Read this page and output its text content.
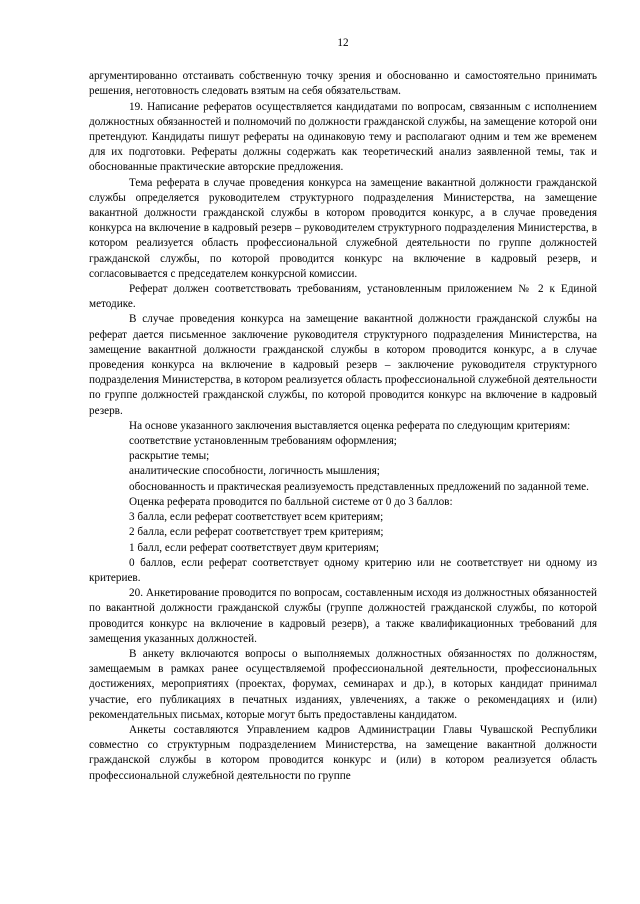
12

аргументированно отстаивать собственную точку зрения и обоснованно и самостоятельно принимать решения, неготовность следовать взятым на себя обязательствам.

19. Написание рефератов осуществляется кандидатами по вопросам, связанным с исполнением должностных обязанностей и полномочий по должности гражданской службы, на замещение которой они претендуют. Кандидаты пишут рефераты на одинаковую тему и располагают одним и тем же временем для их подготовки. Рефераты должны содержать как теоретический анализ заявленной темы, так и обоснованные практические авторские предложения.

Тема реферата в случае проведения конкурса на замещение вакантной должности гражданской службы определяется руководителем структурного подразделения Министерства, на замещение вакантной должности гражданской службы в котором проводится конкурс, а в случае проведения конкурса на включение в кадровый резерв – руководителем структурного подразделения Министерства, в котором реализуется область профессиональной служебной деятельности по группе должностей гражданской службы, по которой проводится конкурс на включение в кадровый резерв, и согласовывается с председателем конкурсной комиссии.

Реферат должен соответствовать требованиям, установленным приложением № 2 к Единой методике.

В случае проведения конкурса на замещение вакантной должности гражданской службы на реферат дается письменное заключение руководителя структурного подразделения Министерства, на замещение вакантной должности гражданской службы в котором проводится конкурс, а в случае проведения конкурса на включение в кадровый резерв – заключение руководителя структурного подразделения Министерства, в котором реализуется область профессиональной служебной деятельности по группе должностей гражданской службы, по которой проводится конкурс на включение в кадровый резерв.

На основе указанного заключения выставляется оценка реферата по следующим критериям:

соответствие установленным требованиям оформления;

раскрытие темы;

аналитические способности, логичность мышления;

обоснованность и практическая реализуемость представленных предложений по заданной теме.

Оценка реферата проводится по балльной системе от 0 до 3 баллов:

3 балла, если реферат соответствует всем критериям;

2 балла, если реферат соответствует трем критериям;

1 балл, если реферат соответствует двум критериям;

0 баллов, если реферат соответствует одному критерию или не соответствует ни одному из критериев.

20. Анкетирование проводится по вопросам, составленным исходя из должностных обязанностей по вакантной должности гражданской службы (группе должностей гражданской службы, по которой проводится конкурс на включение в кадровый резерв), а также квалификационных требований для замещения указанных должностей.

В анкету включаются вопросы о выполняемых должностных обязанностях по должностям, замещаемым в рамках ранее осуществляемой профессиональной деятельности, профессиональных достижениях, мероприятиях (проектах, форумах, семинарах и др.), в которых кандидат принимал участие, его публикациях в печатных изданиях, увлечениях, а также о рекомендациях и (или) рекомендательных письмах, которые могут быть предоставлены кандидатом.

Анкеты составляются Управлением кадров Администрации Главы Чувашской Республики совместно со структурным подразделением Министерства, на замещение вакантной должности гражданской службы в котором проводится конкурс и (или) в котором реализуется область профессиональной служебной деятельности по группе
